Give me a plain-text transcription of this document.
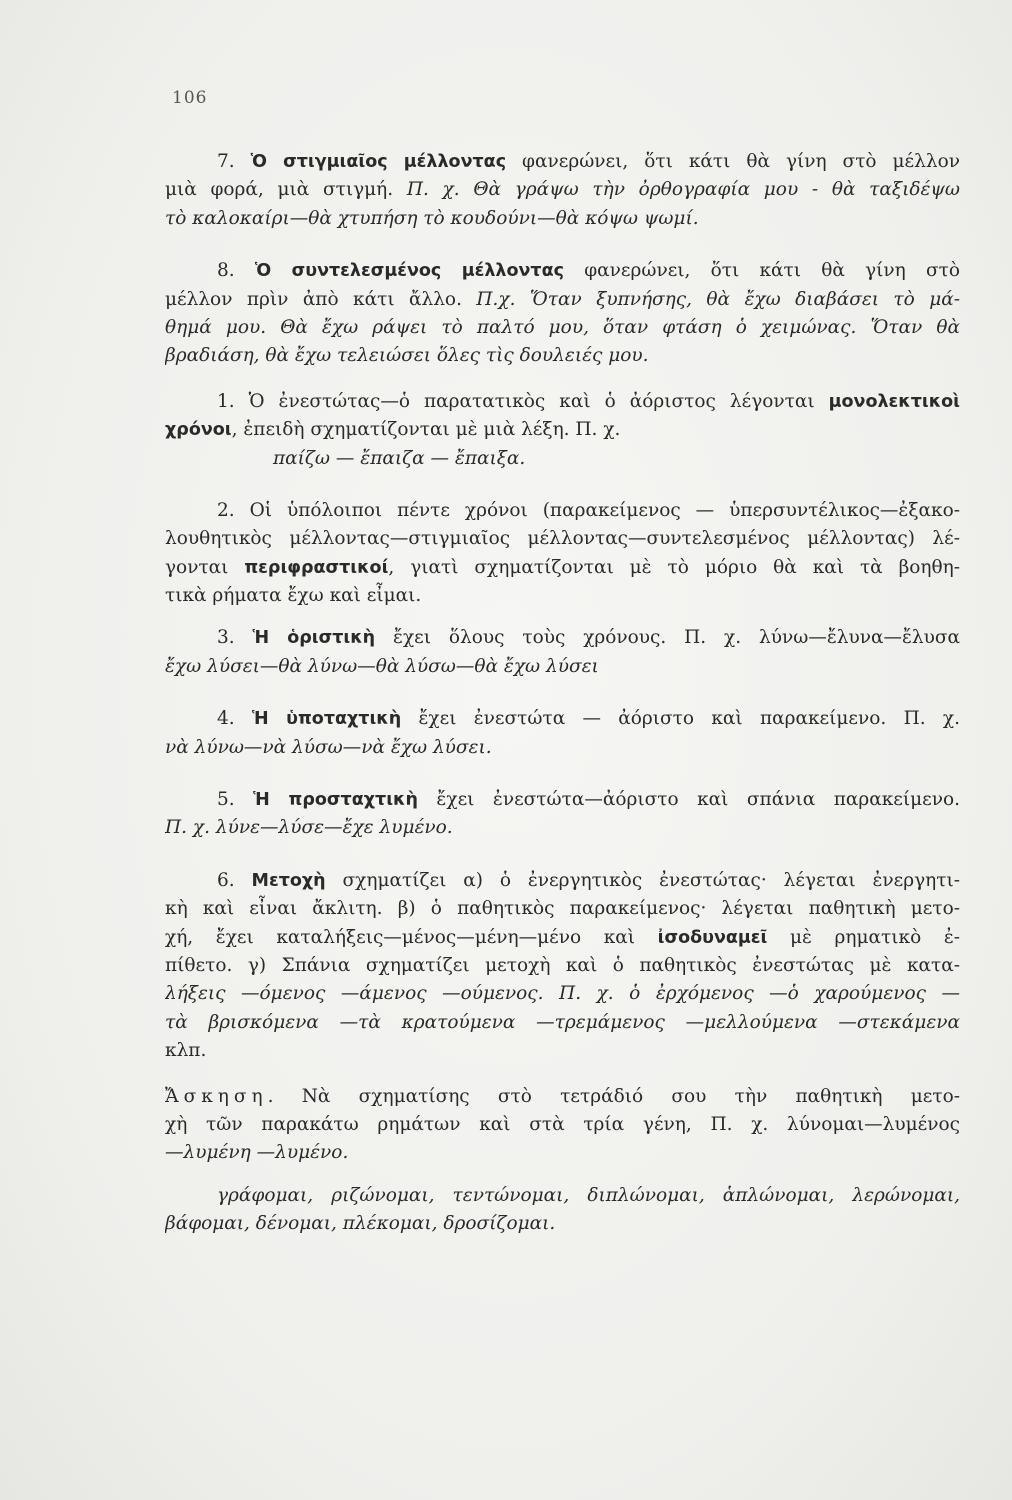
106
7. Ὁ στιγμιαῖος μέλλοντας φανερώνει, ὅτι κάτι θὰ γίνη στὸ μέλλον
μιὰ φορά, μιὰ στιγμή. Π. χ. Θὰ γράψω τὴν ὀρθογραφία μου - θὰ ταξιδέψω
τὸ καλοκαίρι—θὰ χτυπήση τὸ κουδούνι—θὰ κόψω ψωμί.
8. Ὁ συντελεσμένος μέλλοντας φανερώνει, ὅτι κάτι θὰ γίνη στὸ
μέλλον πρὶν ἀπὸ κάτι ἄλλο. Π.χ. Ὅταν ξυπνήσης, θὰ ἔχω διαβάσει τὸ μά-
θημά μου. Θὰ ἔχω ράψει τὸ παλτό μου, ὅταν φτάση ὁ χειμώνας. Ὅταν θὰ
βραδιάση, θὰ ἔχω τελειώσει ὅλες τὶς δουλειές μου.
1. Ὁ ἐνεστώτας—ὁ παρατατικὸς καὶ ὁ ἀόριστος λέγονται μονολεκτικοὶ
χρόνοι, ἐπειδὴ σχηματίζονται μὲ μιὰ λέξη. Π. χ.
παίζω — ἔπαιζα — ἔπαιξα.
2. Οἱ ὑπόλοιποι πέντε χρόνοι (παρακείμενος — ὑπερσυντέλικος—ἐξακο-
λουθητικὸς μέλλοντας—στιγμιαῖος μέλλοντας—συντελεσμένος μέλλοντας) λέ-
γονται περιφραστικοί, γιατὶ σχηματίζονται μὲ τὸ μόριο θὰ καὶ τὰ βοηθη-
τικὰ ρήματα ἔχω καὶ εἶμαι.
3. Ἡ ὁριστικὴ ἔχει ὅλους τοὺς χρόνους. Π. χ. λύνω—ἔλυνα—ἔλυσα
ἔχω λύσει—θὰ λύνω—θὰ λύσω—θὰ ἔχω λύσει
4. Ἡ ὑποταχτικὴ ἔχει ἐνεστώτα — ἀόριστο καὶ παρακείμενο. Π. χ.
νὰ λύνω—νὰ λύσω—νὰ ἔχω λύσει.
5. Ἡ προσταχτικὴ ἔχει ἐνεστώτα—ἀόριστο καὶ σπάνια παρακείμενο.
Π. χ. λύνε—λύσε—ἔχε λυμένο.
6. Μετοχὴ σχηματίζει α) ὁ ἐνεργητικὸς ἐνεστώτας· λέγεται ἐνεργητι-
κὴ καὶ εἶναι ἄκλιτη. β) ὁ παθητικὸς παρακείμενος· λέγεται παθητικὴ μετο-
χή, ἔχει καταλήξεις—μένος—μένη—μένο καὶ ἰσοδυναμεῖ μὲ ρηματικὸ ἐ-
πίθετο. γ) Σπάνια σχηματίζει μετοχὴ καὶ ὁ παθητικὸς ἐνεστώτας μὲ κατα-
λήξεις —όμενος —άμενος —ούμενος. Π. χ. ὁ ἐρχόμενος —ὁ χαρούμενος —
τὰ βρισκόμενα —τὰ κρατούμενα —τρεμάμενος —μελλούμενα —στεκάμενα
κλπ.
Ἄσκηση. Νὰ σχηματίσης στὸ τετράδιό σου τὴν παθητικὴ μετο-
χὴ τῶν παρακάτω ρημάτων καὶ στὰ τρία γένη, Π. χ. λύνομαι—λυμένος
—λυμένη —λυμένο.
γράφομαι, ριζώνομαι, τεντώνομαι, διπλώνομαι, ἁπλώνομαι, λερώνομαι,
βάφομαι, δένομαι, πλέκομαι, δροσίζομαι.
